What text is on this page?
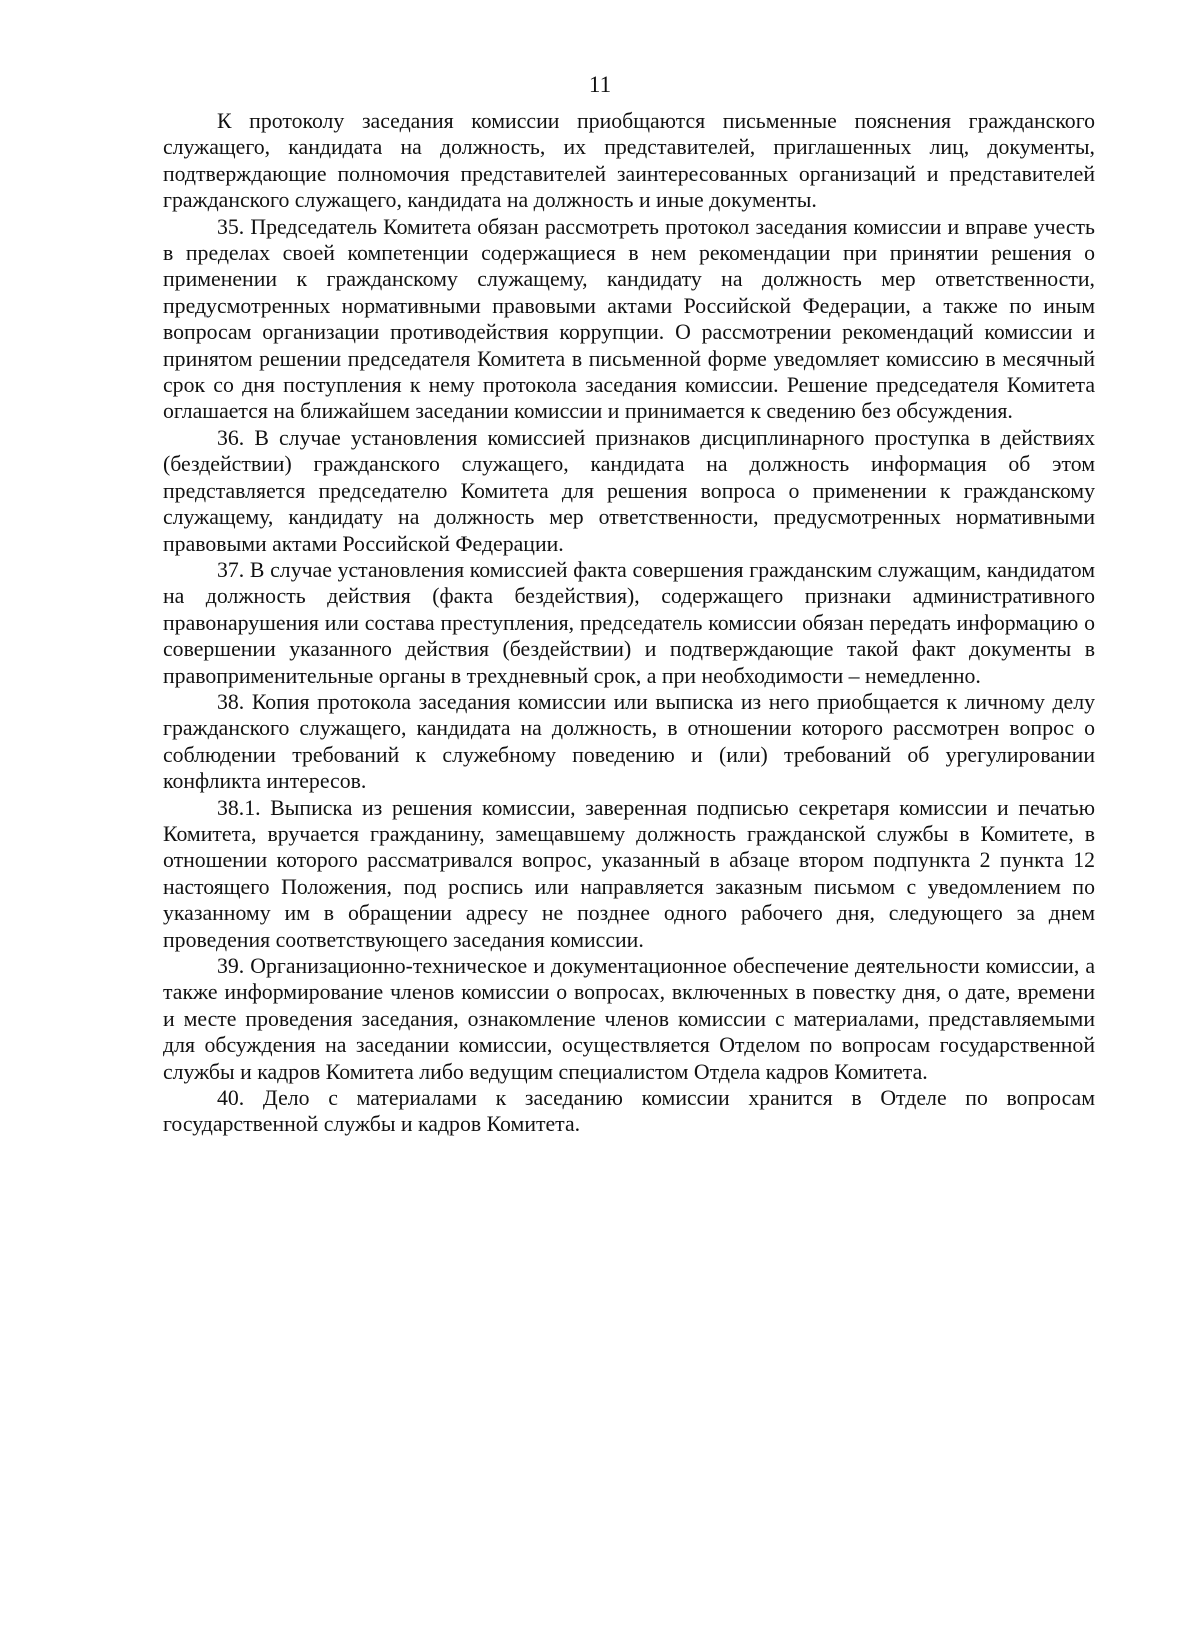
11

К протоколу заседания комиссии приобщаются письменные пояснения гражданского служащего, кандидата на должность, их представителей, приглашенных лиц, документы, подтверждающие полномочия представителей заинтересованных организаций и представителей гражданского служащего, кандидата на должность и иные документы.

35. Председатель Комитета обязан рассмотреть протокол заседания комиссии и вправе учесть в пределах своей компетенции содержащиеся в нем рекомендации при принятии решения о применении к гражданскому служащему, кандидату на должность мер ответственности, предусмотренных нормативными правовыми актами Российской Федерации, а также по иным вопросам организации противодействия коррупции. О рассмотрении рекомендаций комиссии и принятом решении председателя Комитета в письменной форме уведомляет комиссию в месячный срок со дня поступления к нему протокола заседания комиссии. Решение председателя Комитета оглашается на ближайшем заседании комиссии и принимается к сведению без обсуждения.

36. В случае установления комиссией признаков дисциплинарного проступка в действиях (бездействии) гражданского служащего, кандидата на должность информация об этом представляется председателю Комитета для решения вопроса о применении к гражданскому служащему, кандидату на должность мер ответственности, предусмотренных нормативными правовыми актами Российской Федерации.

37. В случае установления комиссией факта совершения гражданским служащим, кандидатом на должность действия (факта бездействия), содержащего признаки административного правонарушения или состава преступления, председатель комиссии обязан передать информацию о совершении указанного действия (бездействии) и подтверждающие такой факт документы в правоприменительные органы в трехдневный срок, а при необходимости – немедленно.

38. Копия протокола заседания комиссии или выписка из него приобщается к личному делу гражданского служащего, кандидата на должность, в отношении которого рассмотрен вопрос о соблюдении требований к служебному поведению и (или) требований об урегулировании конфликта интересов.

38.1. Выписка из решения комиссии, заверенная подписью секретаря комиссии и печатью Комитета, вручается гражданину, замещавшему должность гражданской службы в Комитете, в отношении которого рассматривался вопрос, указанный в абзаце втором подпункта 2 пункта 12 настоящего Положения, под роспись или направляется заказным письмом с уведомлением по указанному им в обращении адресу не позднее одного рабочего дня, следующего за днем проведения соответствующего заседания комиссии.

39. Организационно-техническое и документационное обеспечение деятельности комиссии, а также информирование членов комиссии о вопросах, включенных в повестку дня, о дате, времени и месте проведения заседания, ознакомление членов комиссии с материалами, представляемыми для обсуждения на заседании комиссии, осуществляется Отделом по вопросам государственной службы и кадров Комитета либо ведущим специалистом Отдела кадров Комитета.

40. Дело с материалами к заседанию комиссии хранится в Отделе по вопросам государственной службы и кадров Комитета.
